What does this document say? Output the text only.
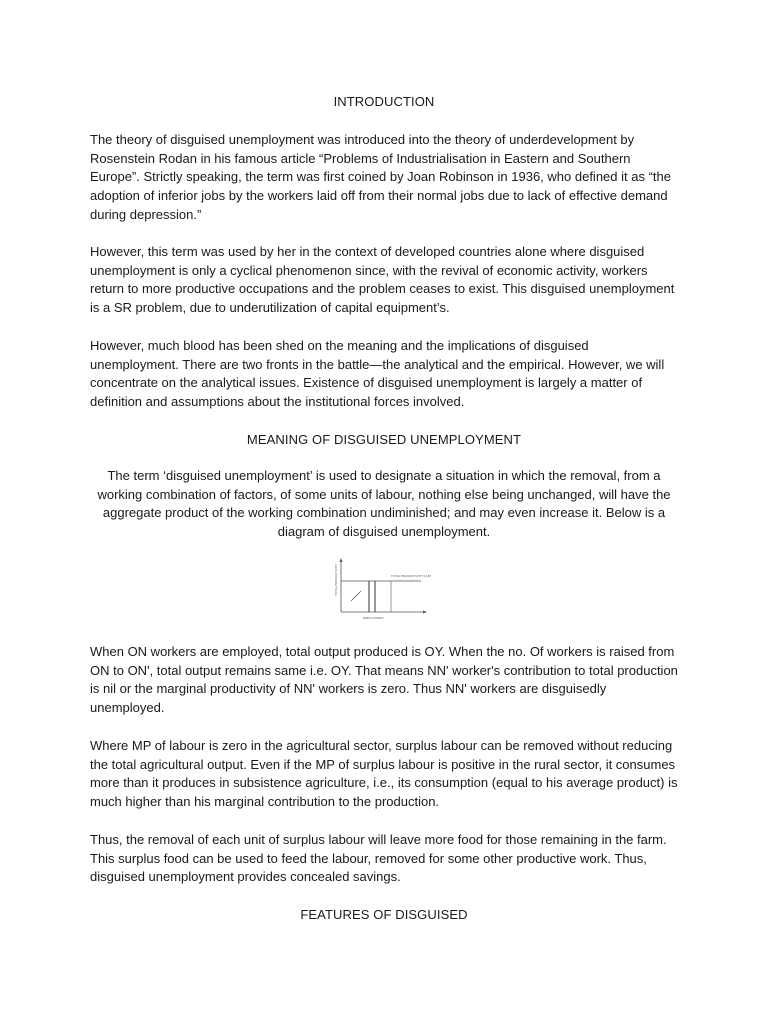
INTRODUCTION

The theory of disguised unemployment was introduced into the theory of underdevelopment by Rosenstein Rodan in his famous article “Problems of Industrialisation in Eastern and Southern Europe”. Strictly speaking, the term was first coined by Joan Robinson in 1936, who defined it as “the adoption of inferior jobs by the workers laid off from their normal jobs due to lack of effective demand during depression.”

However, this term was used by her in the context of developed countries alone where disguised unemployment is only a cyclical phenomenon since, with the revival of economic activity, workers return to more productive occupations and the problem ceases to exist. This disguised unemployment is a SR problem, due to underutilization of capital equipment’s.

However, much blood has been shed on the meaning and the implications of disguised unemployment. There are two fronts in the battle—the analytical and the empirical. However, we will concentrate on the analytical issues. Existence of disguised unemployment is largely a matter of definition and assumptions about the institutional forces involved.

MEANING OF DISGUISED UNEMPLOYMENT

The term ‘disguised unemployment’ is used to designate a situation in which the removal, from a working combination of factors, of some units of labour, nothing else being unchanged, will have the aggregate product of the working combination undiminished; and may even increase it. Below is a diagram of disguised unemployment.

TOTAL PRODUCTIVITY CURVE
TOTAL PRODUCTIVITY
EMPLOYMENT

When ON workers are employed, total output produced is OY. When the no. Of workers is raised from ON to ON', total output remains same i.e. OY. That means NN' worker's contribution to total production is nil or the marginal productivity of NN' workers is zero. Thus NN' workers are disguisedly unemployed.

Where MP of labour is zero in the agricultural sector, surplus labour can be removed without reducing the total agricultural output. Even if the MP of surplus labour is positive in the rural sector, it consumes more than it produces in subsistence agriculture, i.e., its consumption (equal to his average product) is much higher than his marginal contribution to the production.

Thus, the removal of each unit of surplus labour will leave more food for those remaining in the farm. This surplus food can be used to feed the labour, removed for some other productive work. Thus, disguised unemployment provides concealed savings.

FEATURES OF DISGUISED
